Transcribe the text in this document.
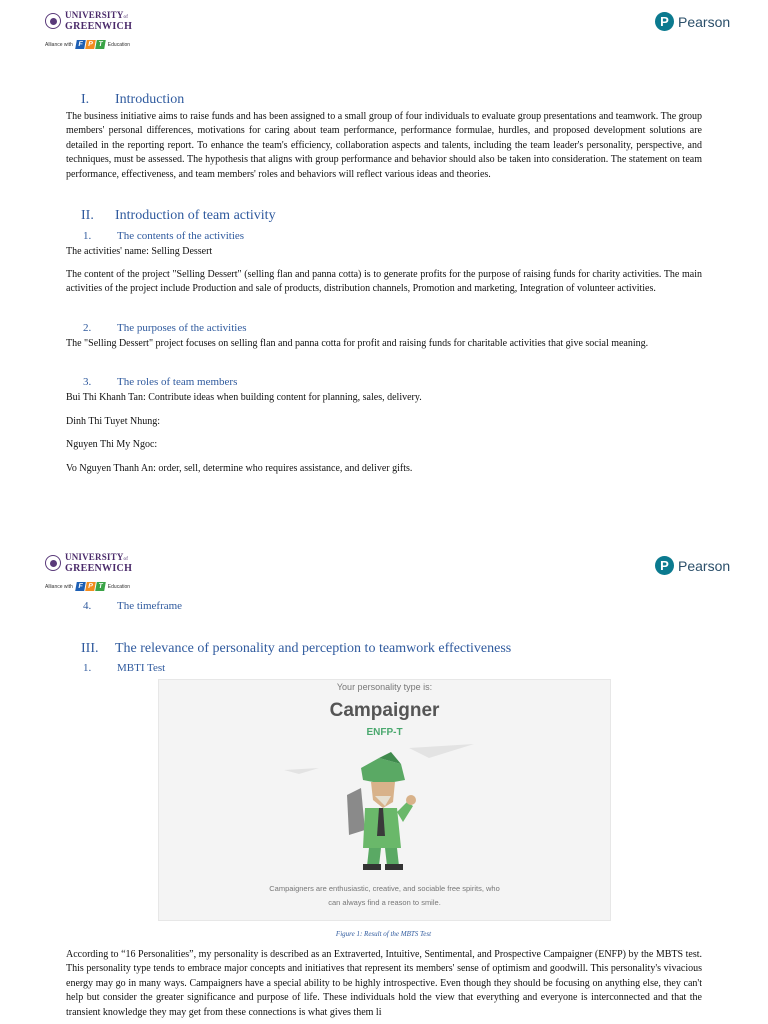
UNIVERSITYof
GREENWICH
Alliance with F P T Education
P Pearson
I.	Introduction
The business initiative aims to raise funds and has been assigned to a small group of four individuals to evaluate group presentations and teamwork. The group members' personal differences, motivations for caring about team performance, performance formulae, hurdles, and proposed development solutions are detailed in the reporting report. To enhance the team's efficiency, collaboration aspects and talents, including the team leader's personality, perspective, and techniques, must be assessed. The hypothesis that aligns with group performance and behavior should also be taken into consideration. The statement on team performance, effectiveness, and team members' roles and behaviors will reflect various ideas and theories.
II.	Introduction of team activity
1.	The contents of the activities
The activities' name: Selling Dessert
The content of the project "Selling Dessert" (selling flan and panna cotta) is to generate profits for the purpose of raising funds for charity activities. The main activities of the project include Production and sale of products, distribution channels, Promotion and marketing, Integration of volunteer activities.
2.	The purposes of the activities
The "Selling Dessert" project focuses on selling flan and panna cotta for profit and raising funds for charitable activities that give social meaning.
3.	The roles of team members
Bui Thi Khanh Tan: Contribute ideas when building content for planning, sales, delivery.
Dinh Thi Tuyet Nhung:
Nguyen Thi My Ngoc:
Vo Nguyen Thanh An: order, sell, determine who requires assistance, and deliver gifts.
UNIVERSITYof
GREENWICH
Alliance with F P T Education
P Pearson
4.	The timeframe
III.	The relevance of personality and perception to teamwork effectiveness
1.	MBTI Test
Your personality type is:
Campaigner
ENFP-T
Campaigners are enthusiastic, creative, and sociable free spirits, who
can always find a reason to smile.
Figure 1: Result of the MBTS Test
According to “16 Personalities”, my personality is described as an Extraverted, Intuitive, Sentimental, and Prospective Campaigner (ENFP) by the MBTS test. This personality type tends to embrace major concepts and initiatives that represent its members' sense of optimism and goodwill. This personality's vivacious energy may go in many ways. Campaigners have a special ability to be highly introspective. Even though they should be focusing on anything else, they can't help but consider the greater significance and purpose of life. These individuals hold the view that everything and everyone is interconnected and that the transient knowledge they may get from these connections is what gives them li
